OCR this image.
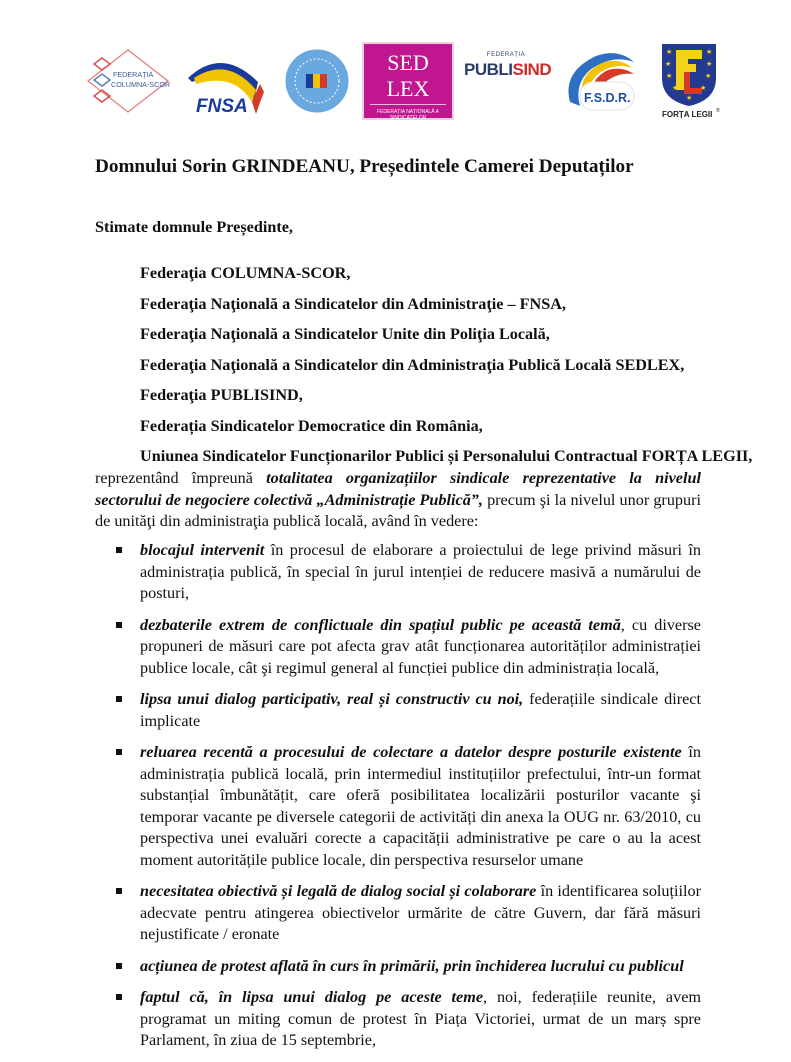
FEDERAȚIA
COLUMNA-SCOR
FNSA
SED LEX
FEDERAȚIA NAȚIONALĂ A SINDICATELOR
DIN ADMINISTRAȚIA PUBLICĂ LOCALĂ
FEDERAȚIA
PUBLISIND
F.S.D.R.
★	★
★	★
★	★
★	★
★
FORȚA LEGII ®
Domnului Sorin GRINDEANU, Președintele Camerei Deputaților
Stimate domnule Președinte,
Federaţia COLUMNA-SCOR,
Federaţia Naţională a Sindicatelor din Administraţie – FNSA,
Federaţia Naţională a Sindicatelor Unite din Poliţia Locală,
Federaţia Naţională a Sindicatelor din Administraţia Publică Locală SEDLEX,
Federaţia PUBLISIND,
Federația Sindicatelor Democratice din România,
Uniunea Sindicatelor Funcționarilor Publici și Personalului Contractual FORȚA LEGII,
reprezentând împreună totalitatea organizațiilor sindicale reprezentative la nivelul sectorului de negociere colectivă „Administrație Publică”, precum şi la nivelul unor grupuri de unităţi din administraţia publică locală, având în vedere:
blocajul intervenit în procesul de elaborare a proiectului de lege privind măsuri în administrația publică, în special în jurul intenției de reducere masivă a numărului de posturi,
dezbaterile extrem de conflictuale din spațiul public pe această temă, cu diverse propuneri de măsuri care pot afecta grav atât funcționarea autorităților administrației publice locale, cât şi regimul general al funcției publice din administrația locală,
lipsa unui dialog participativ, real și constructiv cu noi, federațiile sindicale direct implicate
reluarea recentă a procesului de colectare a datelor despre posturile existente în administrația publică locală, prin intermediul instituțiilor prefectului, într-un format substanțial îmbunătățit, care oferă posibilitatea localizării posturilor vacante şi temporar vacante pe diversele categorii de activități din anexa la OUG nr. 63/2010, cu perspectiva unei evaluări corecte a capacității administrative pe care o au la acest moment autoritățile publice locale, din perspectiva resurselor umane
necesitatea obiectivă și legală de dialog social și colaborare în identificarea soluțiilor adecvate pentru atingerea obiectivelor urmărite de către Guvern, dar fără măsuri nejustificate / eronate
acțiunea de protest aflată în curs în primării, prin închiderea lucrului cu publicul
faptul că, în lipsa unui dialog pe aceste teme, noi, federațiile reunite, avem programat un miting comun de protest în Piața Victoriei, urmat de un marș spre Parlament, în ziua de 15 septembrie,
